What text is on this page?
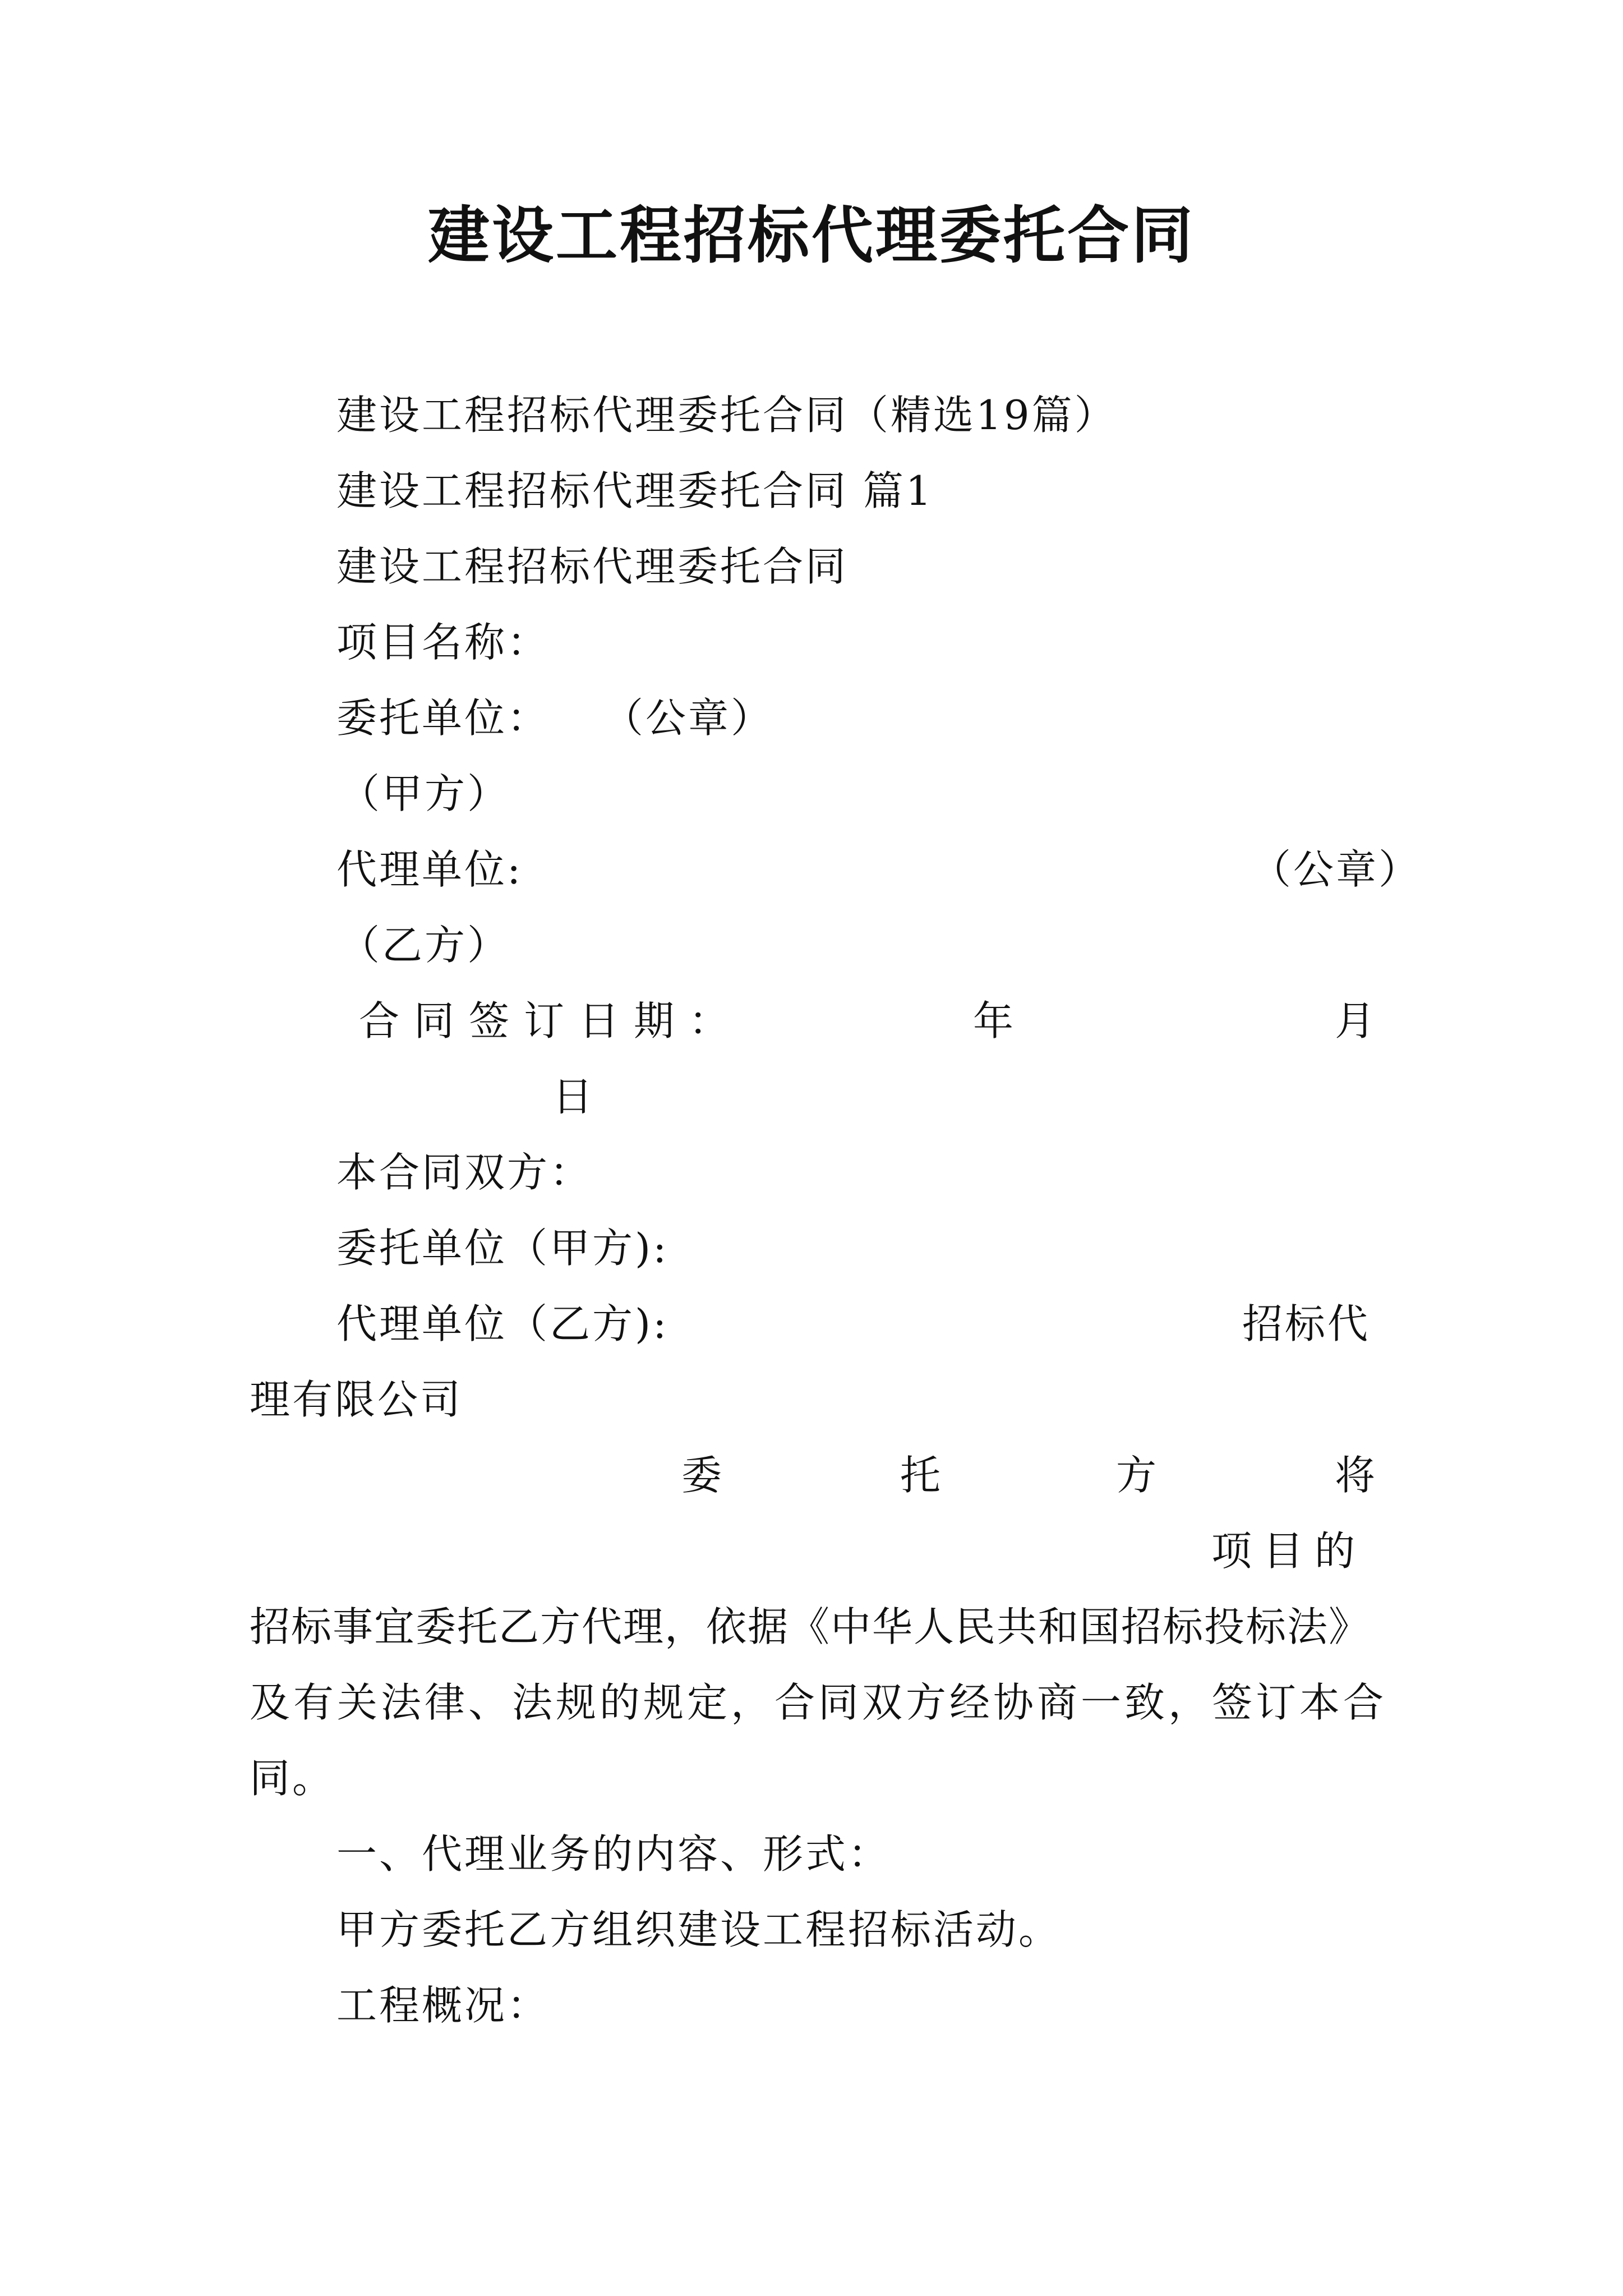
建设工程招标代理委托合同
建设工程招标代理委托合同（精选19篇）
建设工程招标代理委托合同 篇1
建设工程招标代理委托合同
项目名称：
委托单位： （公章）
（甲方）
代理单位:	（公章）
（乙方）
合同签订日期：	年	月
日
本合同双方：
委托单位（甲方):
代理单位（乙方):	招标代
理有限公司
委	托	方	将
项目的
招标事宜委托乙方代理，依据《中华人民共和国招标投标法》
及有关法律、法规的规定，合同双方经协商一致，签订本合
同。
一、代理业务的内容、形式：
甲方委托乙方组织建设工程招标活动。
工程概况：
